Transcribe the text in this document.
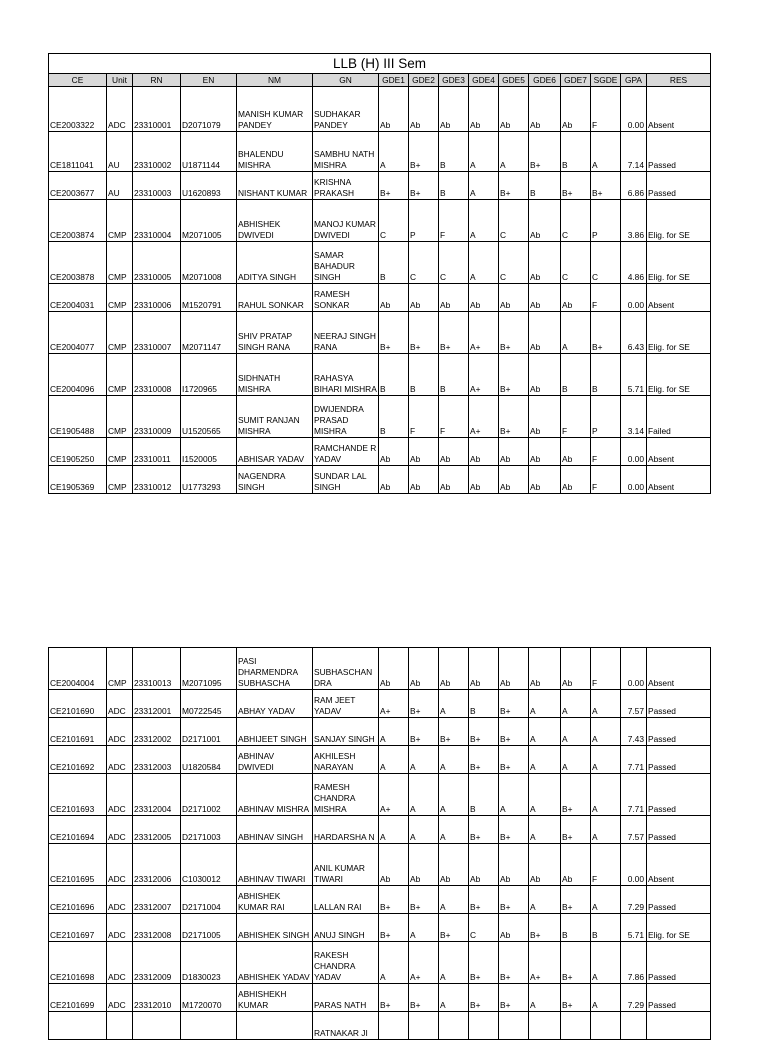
LLB (H) III Sem															
CE	Unit	RN	EN	NM	GN	GDE1	GDE2	GDE3	GDE4	GDE5	GDE6	GDE7	SGDE	GPA	RES
CE2003322	ADC	23310001	D2071079	MANISH KUMAR PANDEY	SUDHAKAR PANDEY	Ab	Ab	Ab	Ab	Ab	Ab	Ab	F	0.00	Absent
CE1811041	AU	23310002	U1871144	BHALENDU MISHRA	SAMBHU NATH MISHRA	A	B+	B	A	A	B+	B	A	7.14	Passed
CE2003677	AU	23310003	U1620893	NISHANT KUMAR	KRISHNA PRAKASH	B+	B+	B	A	B+	B	B+	B+	6.86	Passed
CE2003874	CMP	23310004	M2071005	ABHISHEK DWIVEDI	MANOJ KUMAR DWIVEDI	C	P	F	A	C	Ab	C	P	3.86	Elig. for SE
CE2003878	CMP	23310005	M2071008	ADITYA SINGH	SAMAR BAHADUR SINGH	B	C	C	A	C	Ab	C	C	4.86	Elig. for SE
CE2004031	CMP	23310006	M1520791	RAHUL SONKAR	RAMESH SONKAR	Ab	Ab	Ab	Ab	Ab	Ab	Ab	F	0.00	Absent
CE2004077	CMP	23310007	M2071147	SHIV PRATAP SINGH RANA	NEERAJ SINGH RANA	B+	B+	B+	A+	B+	Ab	A	B+	6.43	Elig. for SE
CE2004096	CMP	23310008	I1720965	SIDHNATH MISHRA	RAHASYA BIHARI MISHRA	B	B	B	A+	B+	Ab	B	B	5.71	Elig. for SE
CE1905488	CMP	23310009	U1520565	SUMIT RANJAN MISHRA	DWIJENDRA PRASAD MISHRA	B	F	F	A+	B+	Ab	F	P	3.14	Failed
CE1905250	CMP	23310011	I1520005	ABHISAR YADAV	RAMCHANDE R YADAV	Ab	Ab	Ab	Ab	Ab	Ab	Ab	F	0.00	Absent
CE1905369	CMP	23310012	U1773293	NAGENDRA SINGH	SUNDAR LAL SINGH	Ab	Ab	Ab	Ab	Ab	Ab	Ab	F	0.00	Absent
CE2004004	CMP	23310013	M2071095	PASI DHARMENDRA SUBHASCHA	SUBHASCHAN DRA	Ab	Ab	Ab	Ab	Ab	Ab	Ab	F	0.00	Absent
CE2101690	ADC	23312001	M0722545	ABHAY YADAV	RAM JEET YADAV	A+	B+	A	B	B+	A	A	A	7.57	Passed
CE2101691	ADC	23312002	D2171001	ABHIJEET SINGH	SANJAY SINGH	A	B+	B+	B+	B+	A	A	A	7.43	Passed
CE2101692	ADC	23312003	U1820584	ABHINAV DWIVEDI	AKHILESH NARAYAN	A	A	A	B+	B+	A	A	A	7.71	Passed
CE2101693	ADC	23312004	D2171002	ABHINAV MISHRA	RAMESH CHANDRA MISHRA	A+	A	A	B	A	A	B+	A	7.71	Passed
CE2101694	ADC	23312005	D2171003	ABHINAV SINGH	HARDARSHA N	A	A	A	B+	B+	A	B+	A	7.57	Passed
CE2101695	ADC	23312006	C1030012	ABHINAV TIWARI	ANIL KUMAR TIWARI	Ab	Ab	Ab	Ab	Ab	Ab	Ab	F	0.00	Absent
CE2101696	ADC	23312007	D2171004	ABHISHEK KUMAR RAI	LALLAN RAI	B+	B+	A	B+	B+	A	B+	A	7.29	Passed
CE2101697	ADC	23312008	D2171005	ABHISHEK SINGH	ANUJ SINGH	B+	A	B+	C	Ab	B+	B	B	5.71	Elig. for SE
CE2101698	ADC	23312009	D1830023	ABHISHEK YADAV	RAKESH CHANDRA YADAV	A	A+	A	B+	B+	A+	B+	A	7.86	Passed
CE2101699	ADC	23312010	M1720070	ABHISHEKH KUMAR	PARAS NATH	B+	B+	A	B+	B+	A	B+	A	7.29	Passed
					RATNAKAR JI										
